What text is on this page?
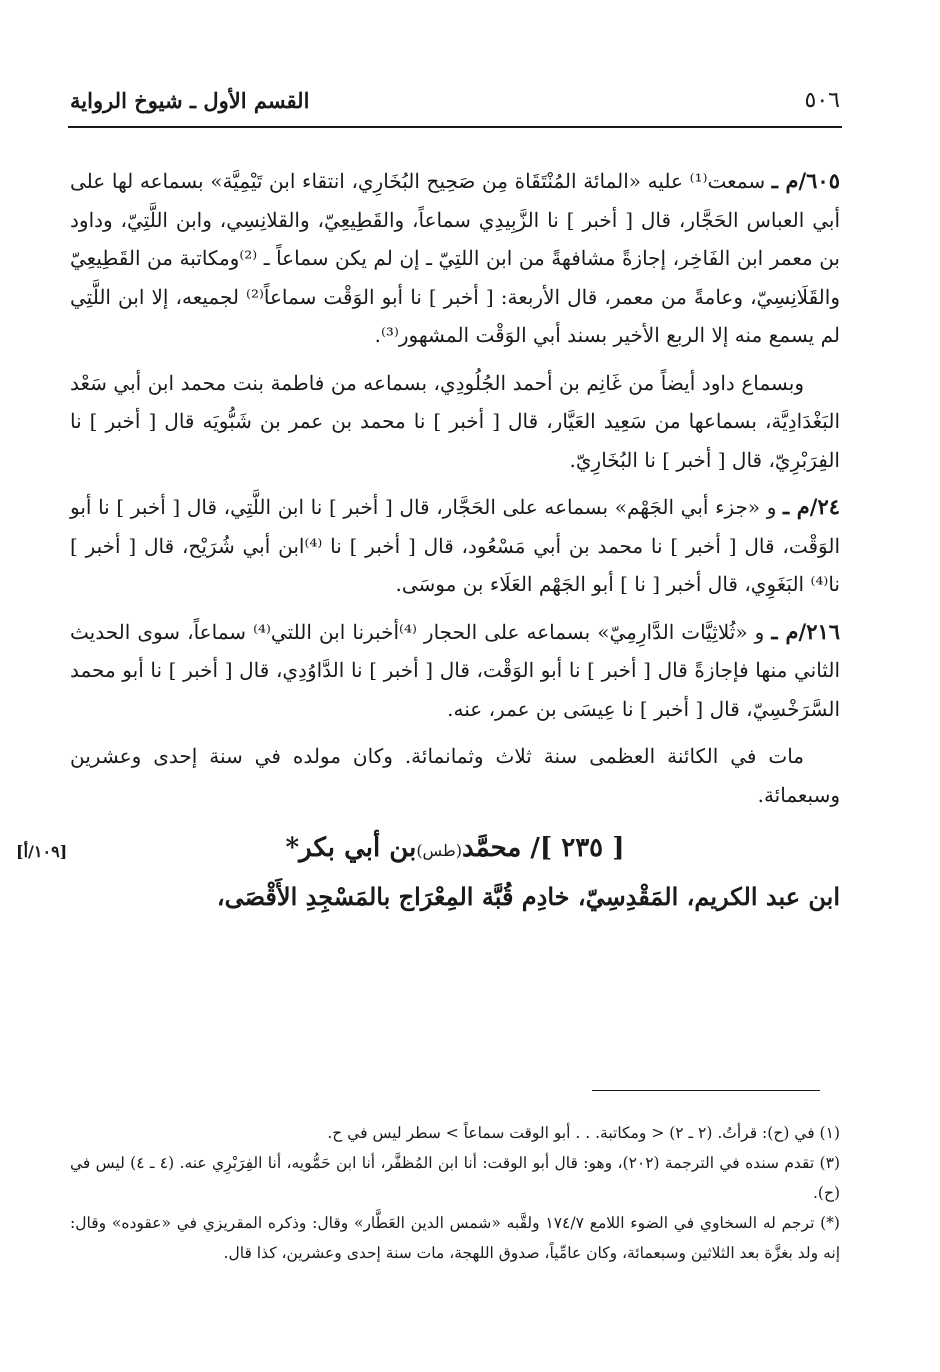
٥٠٦
القسم الأول ـ شيوخ الرواية

٦٠٥/م ـ سمعت⁽¹⁾ عليه «المائة المُنْتَقَاة مِن صَحِيح البُخَارِي، انتقاء ابن تَيْمِيَّة» بسماعه لها على أبي العباس الحَجَّار، قال [ أخبر ] نا الزَّبِيدِي سماعاً، والقَطِيعِيّ، والقلانِسِي، وابن اللَّتِيّ، وداود بن معمر ابن الفَاخِر، إجازةً مشافهةً من ابن اللتِيّ ـ إن لم يكن سماعاً ـ ⁽²⁾ومكاتبة من القَطِيعِيّ والقَلَانِسِيّ، وعامةً من معمر، قال الأربعة: [ أخبر ] نا أبو الوَقْت سماعاً⁽²⁾ لجميعه، إلا ابن اللَّتِي لم يسمع منه إلا الربع الأخير بسند أبي الوَقْت المشهور⁽³⁾.

وبسماع داود أيضاً من غَانِم بن أحمد الجُلُودِي، بسماعه من فاطمة بنت محمد ابن أبي سَعْد البَغْدَادِيَّة، بسماعها من سَعِيد العَيَّار، قال [ أخبر ] نا محمد بن عمر بن شَبُّويَه قال [ أخبر ] نا الفِرَبْرِيّ، قال [ أخبر ] نا البُخَارِيّ.

٢٤/م ـ و «جزء أبي الجَهْم» بسماعه على الحَجَّار، قال [ أخبر ] نا ابن اللَّتِي، قال [ أخبر ] نا أبو الوَقْت، قال [ أخبر ] نا محمد بن أبي مَسْعُود، قال [ أخبر ] نا ⁽⁴⁾ابن أبي شُرَيْح، قال [ أخبر ] نا⁽⁴⁾ البَغَوِي، قال أخبر [ نا ] أبو الجَهْم العَلَاء بن موسَى.

٢١٦/م ـ و «ثُلاثِيَّات الدَّارِمِيّ» بسماعه على الحجار ⁽⁴⁾أخبرنا ابن اللتي⁽⁴⁾ سماعاً، سوى الحديث الثاني منها فإجازةً قال [ أخبر ] نا أبو الوَقْت، قال [ أخبر ] نا الدَّاوُدِي، قال [ أخبر ] نا أبو محمد السَّرَخْسِيّ، قال [ أخبر ] نا عِيسَى بن عمر، عنه.

مات في الكائنة العظمى سنة ثلاث وثمانمائة. وكان مولده في سنة إحدى وعشرين وسبعمائة.

[ ٢٣٥ ]/ محمَّد(طس)بن أبي بكر*
[١٠٩/أ]

ابن عبد الكريم، المَقْدِسِيّ، خادِم قُبَّة المِعْرَاج بالمَسْجِدِ الأَقْصَى،

(١) في (ح): قرأتُ. (٢ ـ ٢) < ومكاتبة. . . أبو الوقت سماعاً > سطر ليس في ح.

(٣) تقدم سنده في الترجمة (٢٠٢)، وهو: قال أبو الوقت: أنا ابن المُظفَّر، أنا ابن حَمُّويه، أنا الفِرَبْرِي عنه. (٤ ـ ٤) ليس في (ح).

(*) ترجم له السخاوي في الضوء اللامع ١٧٤/٧ ولقَّبه «شمس الدين العَطَّار» وقال: وذكره المقريزي في «عقوده» وقال: إنه ولد بغزَّة بعد الثلاثين وسبعمائة، وكان عامِّياً، صدوق اللهجة، مات سنة إحدى وعشرين، كذا قال.
